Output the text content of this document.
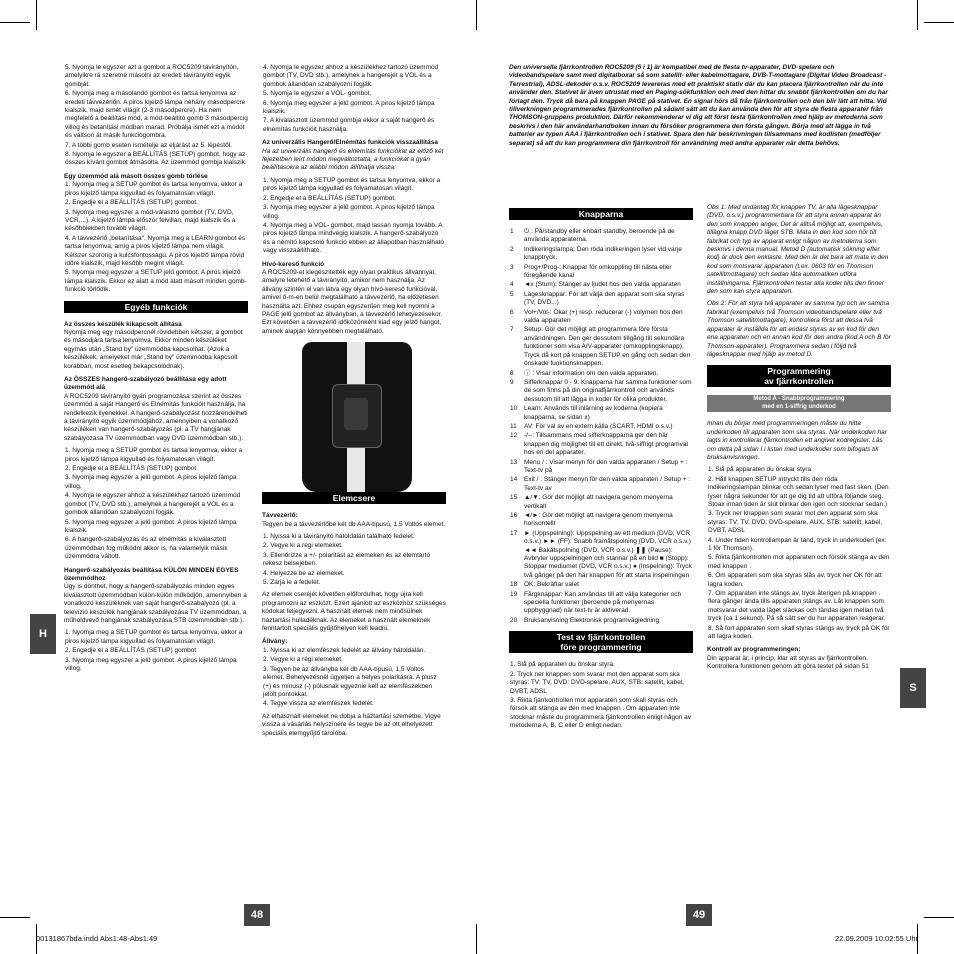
5. Nyomja le egyszer azt a gombot a ROC5209 távirányítón, amelyikre rá szeretné másolni az eredeti távirányító egyik gombját.
6. Nyomja meg a másolandó gombot és tartsa lenyomva az eredeti távvezérlőn. A piros kijelző lámpa néhány másodpercre kialszik, majd ismét világít (2-3 másodpercre). Ha nem megfelelő a beállítási mód, a mód-beállító gomb 3 másodpercig villog és betanítási módban marad. Próbálja ismét ezt a módot és váltson át másik funkciógombra.
7. A többi gomb esetén ismételje az eljárást az 5. lépéstől.
8. Nyomja le egyszer a BEÁLLÍTÁS (SETUP) gombot, hogy az összes kívánt gombot átmásolta. Az üzemmód gombja kialszik.
Egy üzemmód alá másolt összes gomb törlése
1. Nyomja meg a SETUP gombot és tartsa lenyomva, ekkor a piros kijelző lámpa kigyullad és folyamatosan világít.
2. Engedje el a BEÁLLÍTÁS (SETUP) gombot.
3. Nyomja meg egyszer a mód-választó gombot (TV, DVD, VCR,...). A kijelző lámpa először felvillan, majd kialszik és a későbbiekben tovább világít.
4. A távvezérlő „betanítása". Nyomja meg a LEARN gombot és tartsa lenyomva, amíg a piros kijelző lámpa nem világít. Kétszer szorong a kulcsfontosságú. A piros kijelző lámpa rövid időre kialszik, majd később megint világít.
5. Nyomja meg egyszer a SETUP jelű gombot. A piros kijelző lámpa kialszik. Ekkor ez alatt a mód alatt másolt minden gomb-funkció törlődik.
Egyéb funkciók
Az összes készülék kikapcsolt állítása

Nyomja meg egy másodpercnél rövidebben kétszer, a gombot és másodjára tartsa lenyomva. Ekkor minden készüléket egymás után „Stand by" üzemmódba kapcsolhat. (Azok a készülékek, amelyeket már „Stand by" üzemmódba kapcsolt korábban, most esetleg bekapcsolódnak).

Az ÖSSZES hangerő-szabályozó beállítása egy adott üzemmód alá

A ROC5209 távirányító gyári programozása szerint az összes üzemmód a saját Hangerő és Elnémítás funkcióit használja, ha rendelkezik ilyenekkel. A hangerő-szabályozást hozzárendelheti a távirányító egyik üzemmódjához, amennyiben a vonatkozó készüléken van hangerő-szabályozás (pl. a TV hangjának szabályozása TV üzemmódban vagy DVD üzemmódban stb.).

1. Nyomja meg a SETUP gombot és tartsa lenyomva, ekkor a piros kijelző lámpa kigyullad és folyamatosan világít.
2. Engedje el a BEÁLLÍTÁS (SETUP) gombot
3. Nyomja meg egyszer a jelű gombot. A piros kijelző lámpa villog.
4. Nyomja le egyszer ahhoz a készülékhez tartozó üzemmód gombot (TV, DVD stb.), amelyhek a hangerejét a VOL és a gombok állandóan szabályozni fogják.
5. Nyomja meg egyszer a jelű gombot. A piros kijelző lámpa kialszik.
6. A hangerő-szabályozás és az elnémítás a kiválasztott üzemmódban fog működni akkor is, ha valamelyik másik üzemmódra váltott.
Hangerő-szabályozás beállítása KÜLÖN MINDEN EGYES üzemmódhoz

Úgy is dönthet, hogy a hangerő-szabályozás minden egyes kiválasztott üzemmódban külön-külön működjön, amennyiben a vonatkozó készüléknek van saját hangerő-szabályozó (pl. a televízió készülék hangjának szabályozása TV üzemmódban, a műholdvevő hangjának szabályozása STB üzemmódban stb.).

1. Nyomja meg a SETUP gombot és tartsa lenyomva, ekkor a piros kijelző lámpa kigyullad és folyamatosan világít.
2. Engedje el a BEÁLLÍTÁS (SETUP) gombot
3. Nyomja meg egyszer a jelű gombot. A piros kijelző lámpa villog.
4. Nyomja le egyszer ahhoz a készülékhez tartozó üzemmód gombot (TV, DVD stb.), amelyhek a hangerejét a VOL és a gombok állandóan szabályozni fogják.
5. Nyomja le egyszer a VOL- gombot.
6. Nyomja meg egyszer a jelű gombot. A piros kijelző lámpa kialszik.
7. A kiválasztott üzemmód gombja ekkor a saját hangerő és elnémítás funkcióit használja.
Az univerzális Hangerő/Elnémítás funkciók visszaállítása

Ha az univerzális hangerő és elnémítás funkciókat az előző két fejezetben leírt módon megváltoztatta, a funkciókat a gyári beállításokra az alábbi módon állíthatja vissza:

1. Nyomja meg a SETUP gombot és tartsa lenyomva, ekkor a piros kijelző lámpa kigyullad és folyamatosan világít.
2. Engedje el a BEÁLLÍTÁS (SETUP) gombot.
3. Nyomja meg egyszer a jelű gombot. A piros kijelző lámpa villog.
4. Nyomja meg a VOL- gombot, majd lassan nyomja tovább. A piros kijelző lámpa mindvégig kialszik. A hangerő-szabályozó és a némító kapcsoló funkció ebben az állapotban használható vagy visszaállítható.
Hívó-kereső funkció

A ROC5209-et kiegészítették egy olyan praktikus állvánnyal, amelyre letehető a távirányító, amikor nem használja. Az állvány szintén el van látva egy olyan hívó-kereső funkcióval, amivel ő-m-en belül megtalálható a távvezérlő, ha előzetesen használta azt. Ehhez csupán egyszerűen meg kell nyomni a PAGE jelű gombot az állványban, a távvezérlő lehetyezésekor. Ezt követően a távvezérlő időközönként kiad egy jelző hangot, aminek alapján könnyebben megtalálható.

Elemcsere
Távvezérlő:

Tegyen be a távvezérlőbe két db AAA-típusú, 1,5 Voltos elemet.

1. Nyissa ki a távirányító hátoldalán található fedelet.
2. Vegye ki a régi elemeket.
3. Ellenőrizze a +/- polaritást az elemeken és az elemtartó rekesz belsejében.
4. Helyezze be az elemeket.
5. Zárja le a fedelet.

Az elemek cseréjét követően előfordulhat, hogy újra kell programozni az eszközt. Ezért ajánlott az eszközhöz szükséges kódokat feljegyezni. A használt elemek nem minősülnek háztartási hulladéknak. Az elemeket a használt elemeknek fenntartott speciális gyűjtőhelyen kell leadni.

Állvány:
1. Nyissa ki az elemfészek fedelét az állvány hátoldalán.
2. Vegye ki a régi elemeket.
3. Tegyen be az állványba két db AAA-típusú, 1,5 Voltos elemet. Behelyezésnél ügyeljen a helyes polaritásra. A plusz (+) és mínusz (-) pólusnak egyeznie kell az elemfészekben jelölt pontokkal.
4. Tegye vissza az elemfészek fedelét.

Az elhasznált elemeket ne dobja a háztartási szemétbe. Vigye vissza a vásárlás helyszínére és tegye be az ott elhelyezett speciális elemgyűjtő tárolóba.

H
48

Den universella fjärrkontrollen ROC5209 (5 i 1) är kompatibel med de flesta tv-apparater, DVD-spelare och videobandspelare samt med digitalboxar så som satellit- eller kabelmottagare, DVB-T-mottagare (Digital Video Broadcast - Terrestrial), ADSL-dekoder o.s.v. ROC5209 levereras med ett praktiskt stativ där du kan placera fjärrkontrollen när du inte använder den. Stativet är även utrustat med en Paging-sökfunktion och med den hittar du snabbt fjärrkontrollen om du har förlagt den. Tryck då bara på knappen PAGE på stativet. En signal hörs då från fjärrkontrollen och den blir lätt att hitta. Vid tillverkningen programmerades fjärrkontrollen på sådant sätt att du kan använda den för att styra de flesta apparater från THOMSON-gruppens produktion. Därför rekommenderar vi dig att först testa fjärrkontrollen med hjälp av metoderna som beskrivs i den här användarhandboken innan du försöker programmera den första gången. Börja med att lägga in två batterier av typen AAA i fjärrkontrollen och i stativet. Spara den här beskrivningen tillsammans med kodlisten (medföljer separat) så att du kan programmera din fjärrkontroll för användning med andra apparater när detta behövs.

Knapparna
1	⏻ : På/standby eller enbart standby, beroende på de använda apparaterna.
2	Indikeringslampa: Den röda indikeringen lyser vid varje knapptryck.
3	Prog+/Prog-: Knappar för omkoppling till nästa eller föregående kanal
4	◄x (Stum): Stänger av ljudet hos den valda apparaten
5	Lägesknappar: För att välja den apparat som ska styras (TV, DVD...)
6	Vol+/Vol-: Ökar (+) resp. reducerar (-) volymen hos den valda apparaten
7	Setup: Gör det möjligt att programmera före första användningen. Den ger dessutom tillgång till sekundära funktioner som visa A/V-apparater (omkopplingsknapp). Tryck då kort på knappen SETUP en gång och sedan den önskade funktionsknappen.
8	ⓘ : Visar information om den valda apparaten.
9	Sifferknappar 0 - 9: Knapparna har samma funktioner som de som finns på din originalfjärrkontroll och används dessutom till att lägga in koder för olika produkter.
10	Learn: Används till inlärning av koderna (kopiera knapparna, se sidan x)
11	AV: För val av en extern källa (SCART, HDMI o.s.v.)
12	-/--: Tillsammans med sifferknapparna ger den här knappen dig möjlighet till ett direkt, två-siffrigt programval hos en del apparater.
13	Menu / : Visar menyn för den valda apparaten / Setup + : Text-tv på
14	Exit / : Stänger menyn för den valda apparaten / Setup + : Text-tv av
15	▲/▼: Gör det möjligt att navigera genom menyerna vertikalt
16	◄/►: Gör det möjligt att navigera genom menyerna horisontellt
17	► (Uppspelning): Uppspelning av ett medium (DVD, VCR o.s.v.) ►► (FF): Snabb framåtspolning (DVD, VCR o.s.v.) ◄◄ Bakåtspolning (DVD, VCR o.s.v.) ❚❚ (Pause): Avbryter uppspelningen och stannar på en bild ■ (Stopp): Stoppar mediumet (DVD, VCR o.s.v.) ● (Inspelning): Tryck två gånger på den här knappen för att starta inspelningen
18	OK: Bekräftar valet
19	Färgknappar: Kan användas till att välja kategorier och speciella funktioner (beroende på menyernas uppbyggnad) när text-tv är aktiverad.
20	Bruksanvisning Elektronisk programvägledning
Test av fjärrkontrollen
före programmering
1. Slå på apparaten du önskar styra.
2. Tryck ner knappen som svarar mot den apparat som ska styras: TV: TV, DVD: DVD-spelare, AUX, STB: satellit, kabel, DVBT, ADSL
3. Rikta fjärrkontrollen mot apparaten som skall styras och försök att stänga av den med knappen . Om apparaten inte stocknar måste du programmera fjärrkontrollen enligt någon av metoderna A, B, C eller D enligt nedan.

Obs 1: Med undantag för knappen TV, är alla lägesknappar (DVD, o.s.v.) programmerbara för att styra annan apparat än den som knappen anger. Det är alltså möjligt att, exempelvis, tillägna knapp DVD läget STB. Mata in den kod som hör till fabrikat och typ av apparat enligt någon av metoderna som beskrivs i denna manual. Metod D (automatisk sökning efter kod) är dock den enklaste. Med den är det bara att mata in den kod som motsvarar apparaten (t.ex. 0603 för en Thomson satellitmottagare) och sedan låta automatiken utföra inställningarna. Fjärrkontrollen testar alla koder tills den finner den som kan styra apparaten.

Obs 2: För att styra två apparater av samma typ och av samma fabrikat (exempelvis två Thomson videobandspelare eller två Thomson satellitmottagare), kontrollera först att dessa två apparater är inställda för att endast styras av en kod för den ena apparaten och en annan kod för den andra (kod A och B för Thomson-apparater). Programmera sedan i följd två lägesknappar med hjälp av metod D.

Programmering
av fjärrkontrollen
Metod A - Snabbprogrammering
med en 1-siffrig underkod

Innan du börjar med programmeringen måste du hitta underkoden till apparaten som ska styras. När underkoden har lagts in kontrollerar fjärrkontrollen ett angivet kodregister. Läs om detta på sidan I i listan med underkoder som bifogats till bruksanvisningen.

1. Slå på apparaten du önskar styra.
2. Håll knappen SETUP intryckt tills den röda indikeringslampan blinkar och sedan lyser med fast sken. (Den lyser några sekunder för att ge dig tid att utföra följande steg. Stoax innan tiden är slut blinkar den igen och slocknar sedan.)
3. Tryck ner knappen som svarar mot den apparat som ska styras: TV: TV, DVD: DVD-spelare, AUX, STB: satellit, kabel, DVBT, ADSL
4. Under tiden kontrollampan är tänd, tryck in underkoden (ex: 1 för Thomson).
5. Rikta fjärrkontrollen mot apparaten och försök stänga av den med knappen .
6. Om apparaten som ska styras slås av, tryck ner OK för att lagra koden.
7. Om apparaten inte stängs av, tryck återigen på knappen . flera gånger ända tills apparaten stängs av. Låt knappen som motsvarar det valda läget släckas och tändas igen mellan två tryck (ca 1 sekund). På så sätt ser du hur apparaten reagerar.
8. Så fort apparaten som skall styras stängs av, tryck på OK för att lagra koden.
Kontroll av programmeringen:

Din apparat är, i princip, klar att styras av fjärrkontrollen. Kontrollera funktionen genom att göra testet på sidan 51

S
49
00131867bda.indd Abs1:48-Abs1:49	22.09.2009 10:02:55 Uhr
